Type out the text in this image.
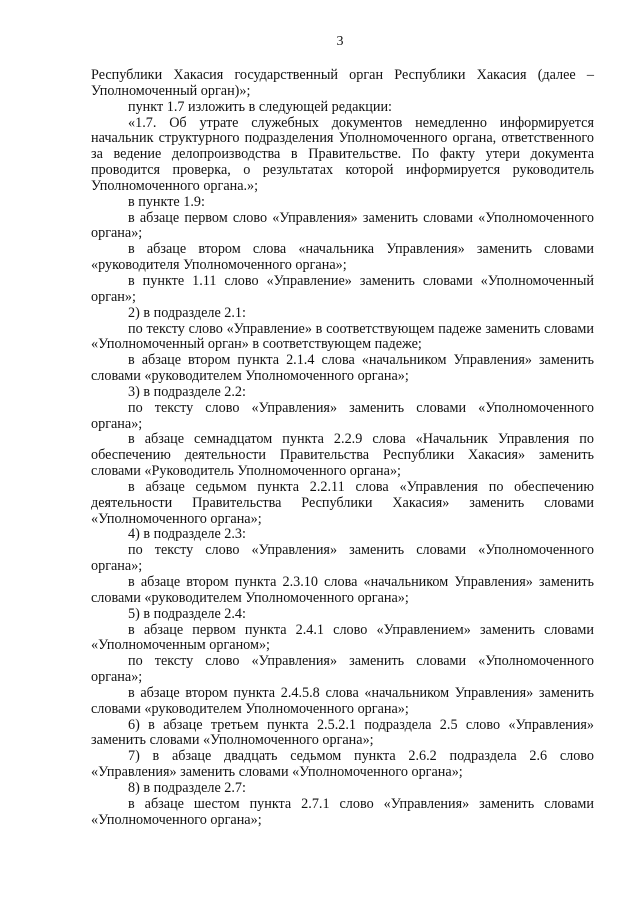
3

Республики Хакасия государственный орган Республики Хакасия (далее – Уполномоченный орган)»;

пункт 1.7 изложить в следующей редакции:

«1.7. Об утрате служебных документов немедленно информируется начальник структурного подразделения Уполномоченного органа, ответственного за ведение делопроизводства в Правительстве. По факту утери документа проводится проверка, о результатах которой информируется руководитель Уполномоченного органа.»;

в пункте 1.9:

в абзаце первом слово «Управления» заменить словами «Уполномоченного органа»;

в абзаце втором слова «начальника Управления» заменить словами «руководителя Уполномоченного органа»;

в пункте 1.11 слово «Управление» заменить словами «Уполномоченный орган»;

2) в подразделе 2.1:

по тексту слово «Управление» в соответствующем падеже заменить словами «Уполномоченный орган» в соответствующем падеже;

в абзаце втором пункта 2.1.4 слова «начальником Управления» заменить словами «руководителем Уполномоченного органа»;

3) в подразделе 2.2:

по тексту слово «Управления» заменить словами «Уполномоченного органа»;

в абзаце семнадцатом пункта 2.2.9 слова «Начальник Управления по обеспечению деятельности Правительства Республики Хакасия» заменить словами «Руководитель Уполномоченного органа»;

в абзаце седьмом пункта 2.2.11 слова «Управления по обеспечению деятельности Правительства Республики Хакасия» заменить словами «Уполномоченного органа»;

4) в подразделе 2.3:

по тексту слово «Управления» заменить словами «Уполномоченного органа»;

в абзаце втором пункта 2.3.10 слова «начальником Управления» заменить словами «руководителем Уполномоченного органа»;

5) в подразделе 2.4:

в абзаце первом пункта 2.4.1 слово «Управлением» заменить словами «Уполномоченным органом»;

по тексту слово «Управления» заменить словами «Уполномоченного органа»;

в абзаце втором пункта 2.4.5.8 слова «начальником Управления» заменить словами «руководителем Уполномоченного органа»;

6) в абзаце третьем пункта 2.5.2.1 подраздела 2.5 слово «Управления» заменить словами «Уполномоченного органа»;

7) в абзаце двадцать седьмом пункта 2.6.2 подраздела 2.6 слово «Управления» заменить словами «Уполномоченного органа»;

8) в подразделе 2.7:

в абзаце шестом пункта 2.7.1 слово «Управления» заменить словами «Уполномоченного органа»;
